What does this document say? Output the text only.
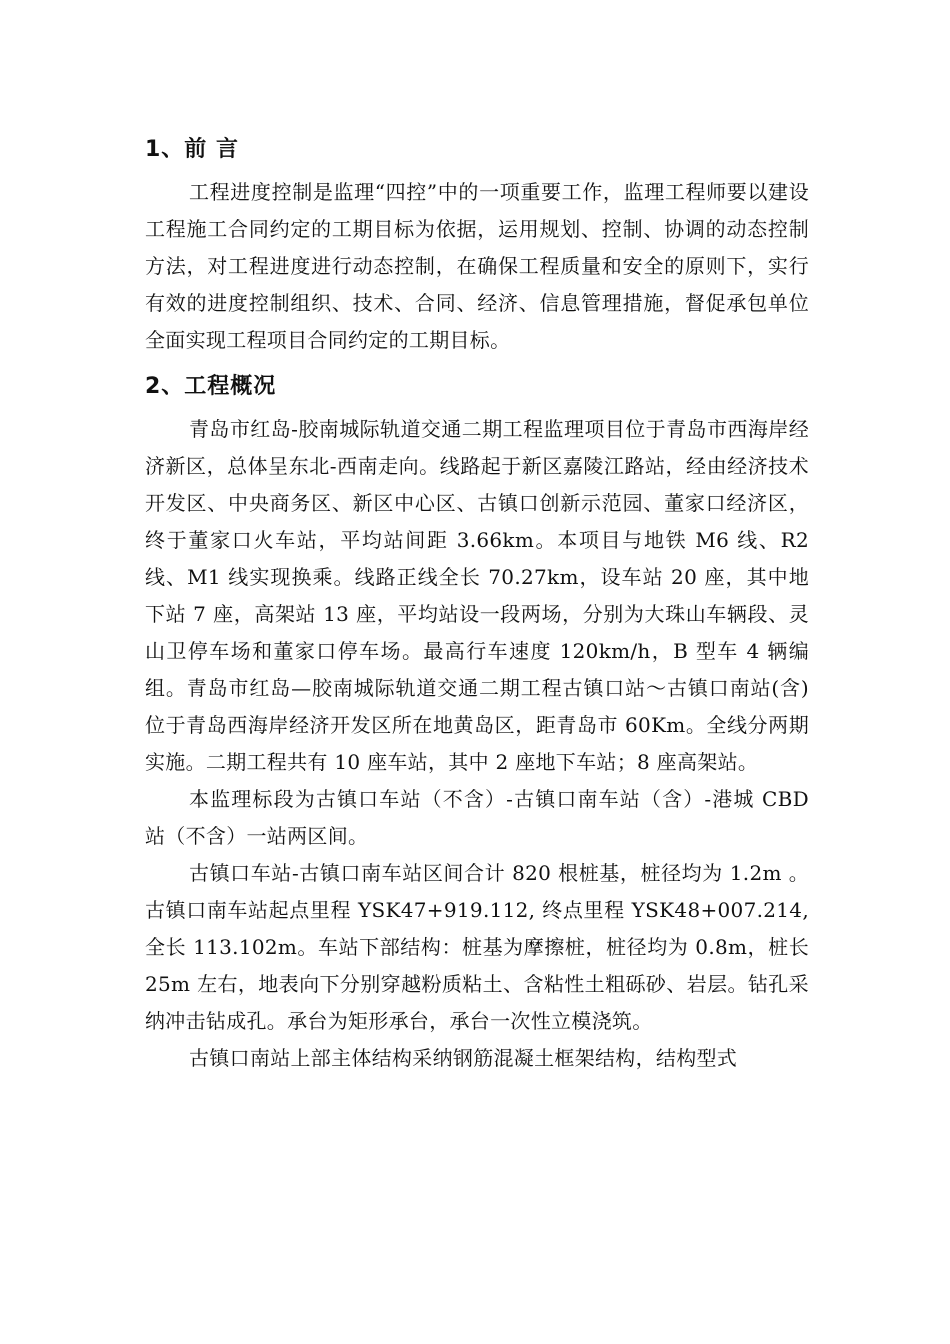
1、前 言

工程进度控制是监理“四控”中的一项重要工作，监理工程师要以建设工程施工合同约定的工期目标为依据，运用规划、控制、协调的动态控制方法，对工程进度进行动态控制，在确保工程质量和安全的原则下，实行有效的进度控制组织、技术、合同、经济、信息管理措施，督促承包单位全面实现工程项目合同约定的工期目标。

2、工程概况

青岛市红岛-胶南城际轨道交通二期工程监理项目位于青岛市西海岸经济新区，总体呈东北-西南走向。线路起于新区嘉陵江路站，经由经济技术开发区、中央商务区、新区中心区、古镇口创新示范园、董家口经济区，终于董家口火车站，平均站间距 3.66km。本项目与地铁 M6 线、R2 线、M1 线实现换乘。线路正线全长 70.27km，设车站 20 座，其中地下站 7 座，高架站 13 座，平均站设一段两场，分别为大珠山车辆段、灵山卫停车场和董家口停车场。最高行车速度 120km/h，B 型车 4 辆编组。青岛市红岛—胶南城际轨道交通二期工程古镇口站～古镇口南站(含)位于青岛西海岸经济开发区所在地黄岛区，距青岛市 60Km。全线分两期实施。二期工程共有 10 座车站，其中 2 座地下车站；8 座高架站。

本监理标段为古镇口车站（不含）-古镇口南车站（含）-港城 CBD 站（不含）一站两区间。

古镇口车站-古镇口南车站区间合计 820 根桩基，桩径均为 1.2m 。古镇口南车站起点里程 YSK47+919.112, 终点里程 YSK48+007.214, 全长 113.102m。车站下部结构：桩基为摩擦桩，桩径均为 0.8m，桩长 25m 左右，地表向下分别穿越粉质粘土、含粘性土粗砾砂、岩层。钻孔采纳冲击钻成孔。承台为矩形承台，承台一次性立模浇筑。

古镇口南站上部主体结构采纳钢筋混凝土框架结构，结构型式
